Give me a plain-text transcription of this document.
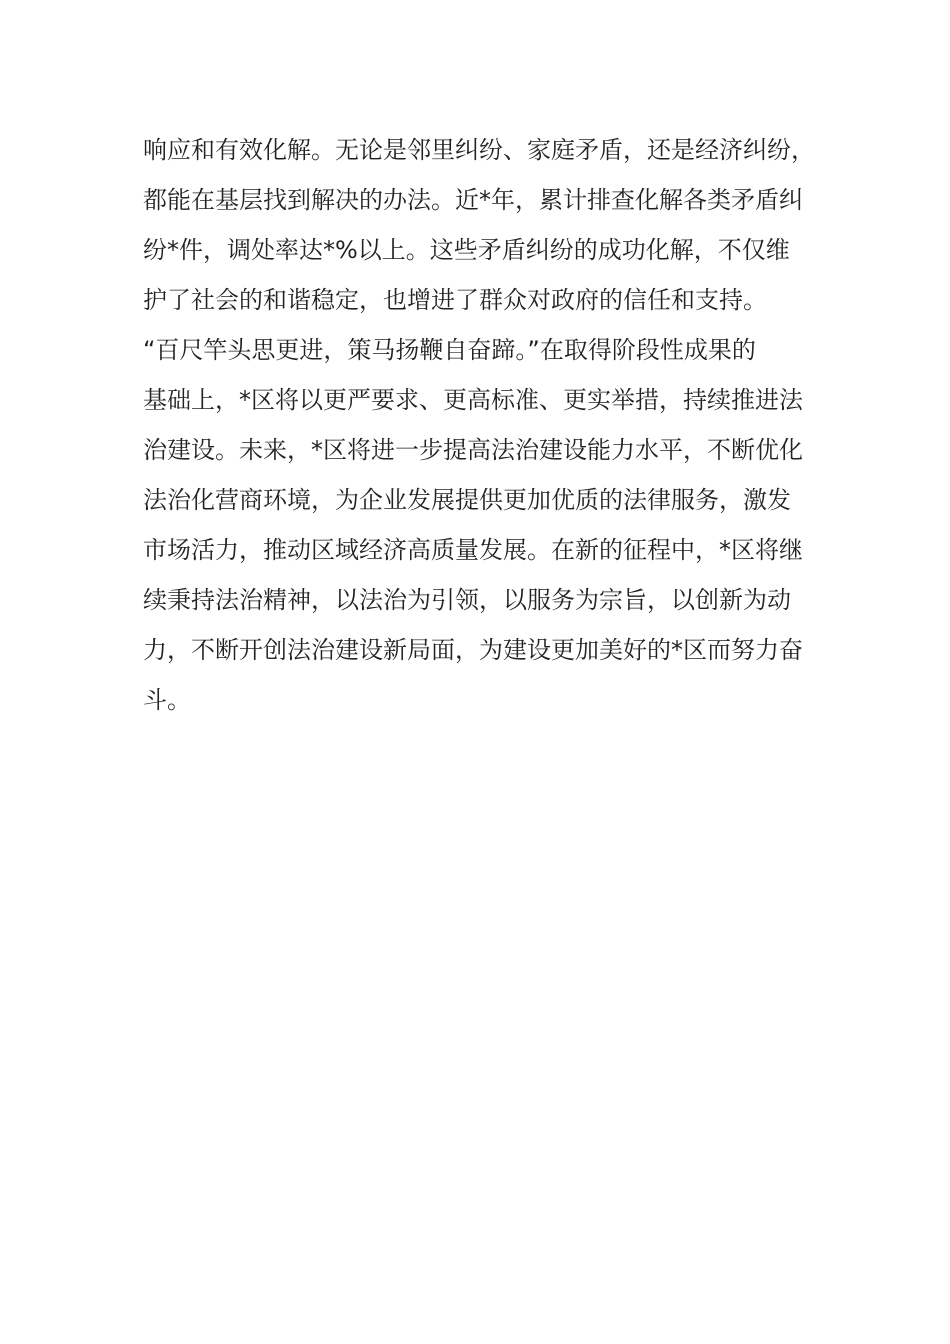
响应和有效化解。无论是邻里纠纷、家庭矛盾，还是经济纠纷，
都能在基层找到解决的办法。近*年，累计排查化解各类矛盾纠
纷*件，调处率达*%以上。这些矛盾纠纷的成功化解，不仅维
护了社会的和谐稳定，也增进了群众对政府的信任和支持。
“百尺竿头思更进，策马扬鞭自奋蹄。”在取得阶段性成果的
基础上，*区将以更严要求、更高标准、更实举措，持续推进法
治建设。未来，*区将进一步提高法治建设能力水平，不断优化
法治化营商环境，为企业发展提供更加优质的法律服务，激发
市场活力，推动区域经济高质量发展。在新的征程中，*区将继
续秉持法治精神，以法治为引领，以服务为宗旨，以创新为动
力，不断开创法治建设新局面，为建设更加美好的*区而努力奋
斗。
